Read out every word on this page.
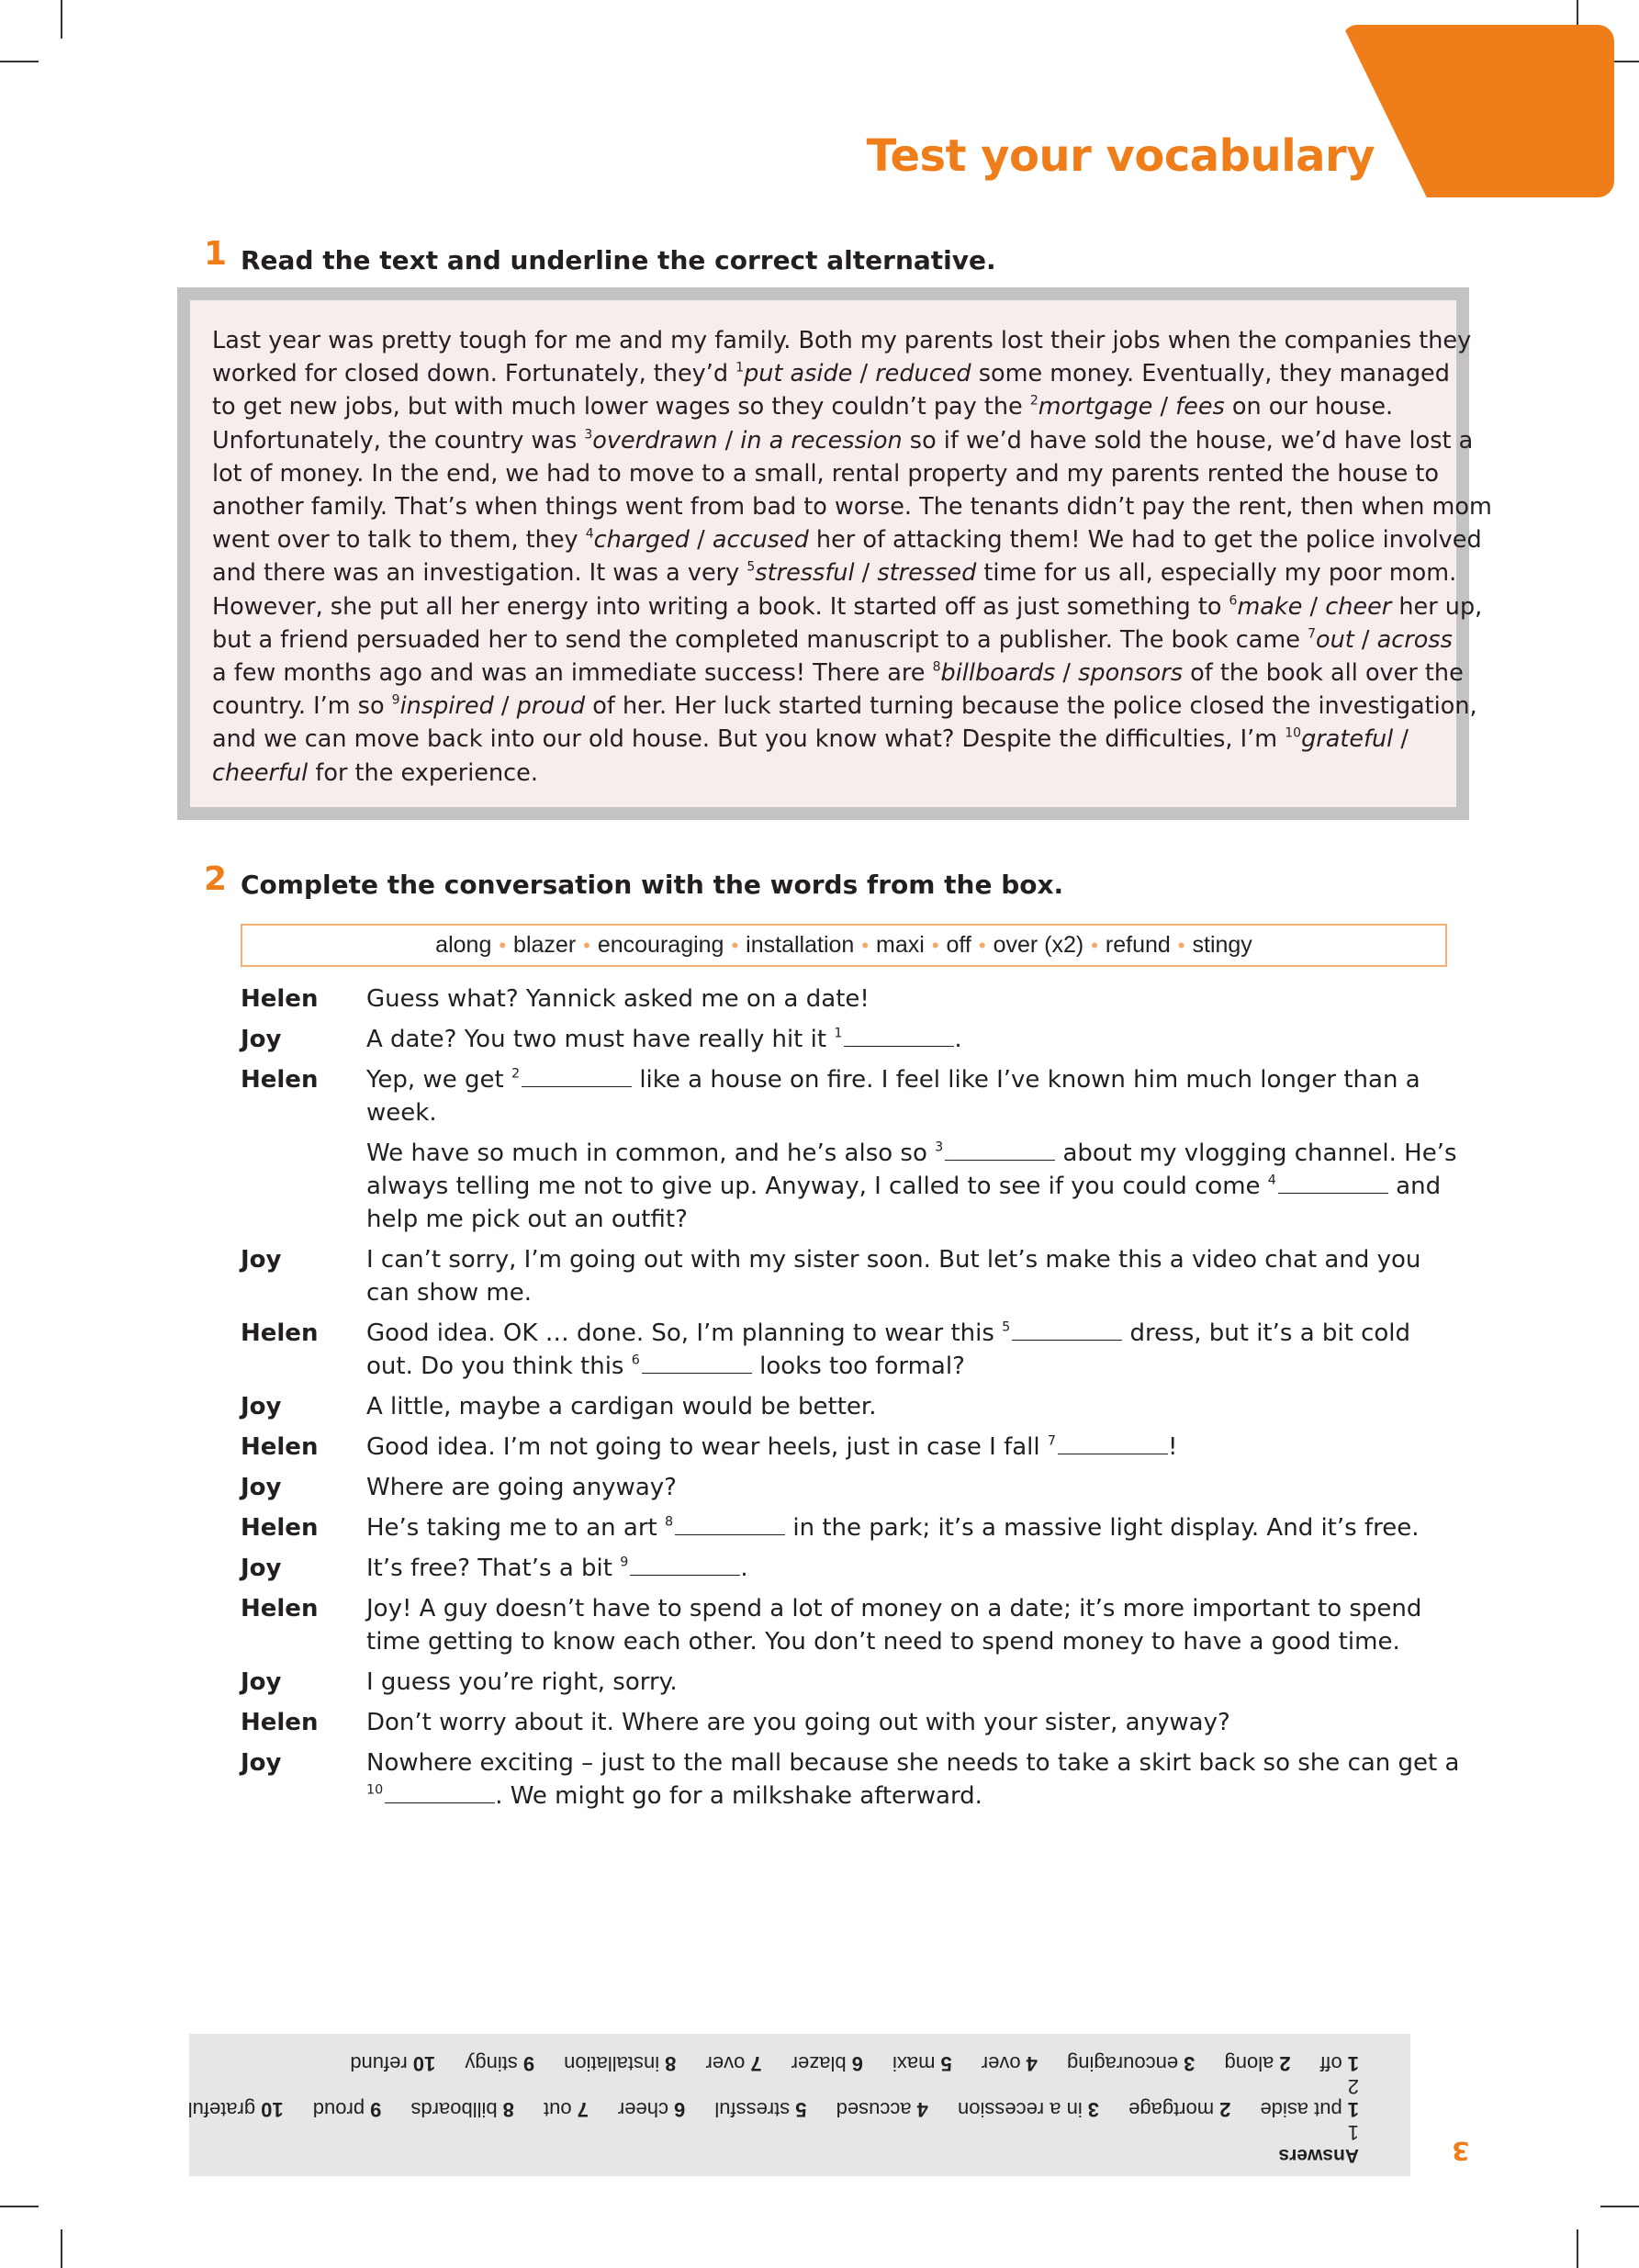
Test your vocabulary
1 Read the text and underline the correct alternative.

Last year was pretty tough for me and my family. Both my parents lost their jobs when the companies they

worked for closed down. Fortunately, they’d $^1$put aside / reduced some money. Eventually, they managed

to get new jobs, but with much lower wages so they couldn’t pay the $^2$mortgage / fees on our house.

Unfortunately, the country was $^3$overdrawn / in a recession so if we’d have sold the house, we’d have lost a

lot of money. In the end, we had to move to a small, rental property and my parents rented the house to

another family. That’s when things went from bad to worse. The tenants didn’t pay the rent, then when mom

went over to talk to them, they $^4$charged / accused her of attacking them! We had to get the police involved

and there was an investigation. It was a very $^5$stressful / stressed time for us all, especially my poor mom.

However, she put all her energy into writing a book. It started off as just something to $^6$make / cheer her up,

but a friend persuaded her to send the completed manuscript to a publisher. The book came $^7$out / across

a few months ago and was an immediate success! There are $^8$billboards / sponsors of the book all over the

country. I’m so $^9$inspired / proud of her. Her luck started turning because the police closed the investigation,

and we can move back into our old house. But you know what? Despite the difficulties, I’m $^{10}$grateful /

cheerful for the experience.

2 Complete the conversation with the words from the box.
along • blazer • encouraging • installation • maxi • off • over (x2) • refund • stingy
Helen	Guess what? Yannick asked me on a date!
Joy	A date? You two must have really hit it $^1$	.
Helen	Yep, we get $^2$	like a house on fire. I feel like I’ve known him much longer than a week.
We have so much in common, and he’s also so $^3$	about my vlogging channel. He’s always telling me not to give up. Anyway, I called to see if you could come $^4$	and help me pick out an outfit?
Joy	I can’t sorry, I’m going out with my sister soon. But let’s make this a video chat and you can show me.
Helen	Good idea. OK … done. So, I’m planning to wear this $^5$	dress, but it’s a bit cold out. Do you think this $^6$	looks too formal?
Joy	A little, maybe a cardigan would be better.
Helen	Good idea. I’m not going to wear heels, just in case I fall $^7$	!
Joy	Where are going anyway?
Helen	He’s taking me to an art $^8$	in the park; it’s a massive light display. And it’s free.
Joy	It’s free? That’s a bit $^9$	.
Helen	Joy! A guy doesn’t have to spend a lot of money on a date; it’s more important to spend time getting to know each other. You don’t need to spend money to have a good time.
Joy	I guess you’re right, sorry.
Helen	Don’t worry about it. Where are you going out with your sister, anyway?
Joy	Nowhere exciting – just to the mall because she needs to take a skirt back so she can get a $^{10}$	. We might go for a milkshake afterward.
Answers
1
1put aside 2mortgage 3in a recession 4accused 5stressful 6cheer 7out 8billboards 9proud 10grateful
2
1off 2along 3encouraging 4over 5maxi 6blazer 7over 8installation 9stingy 10refund
3
